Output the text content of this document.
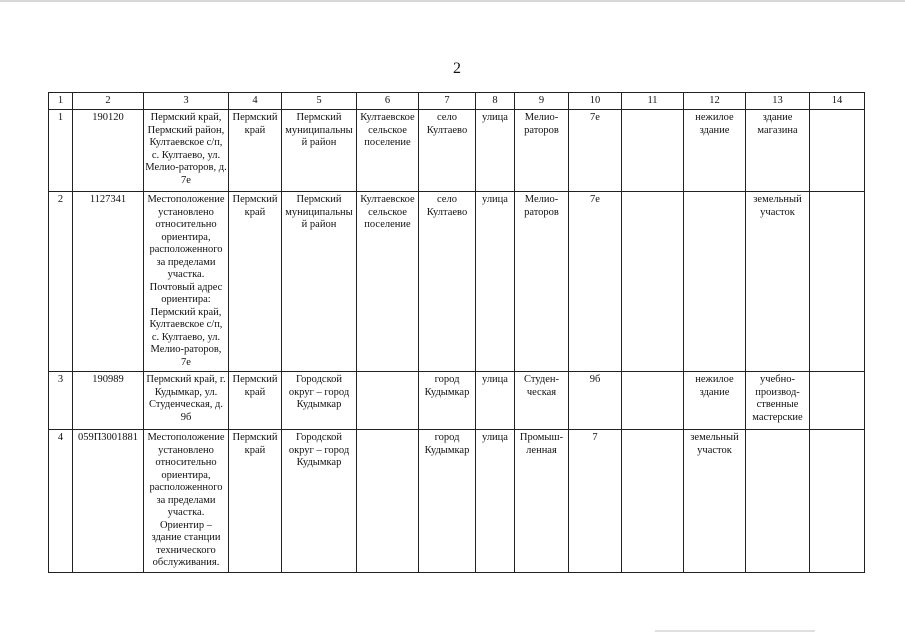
2
1	2	3	4	5	6	7	8	9	10	11	12	13	14
1	190120	Пермский край, Пермский район, Култаевское с/п, с. Култаево, ул. Мелио-раторов, д. 7е	Пермский край	Пермский муниципальный район	Култаевское сельское поселение	село Култаево	улица	Мелио-раторов	7е		нежилое здание	здание магазина	
2	1127341	Местоположение установлено относительно ориентира, расположенного за пределами участка. Почтовый адрес ориентира: Пермский край, Култаевское с/п, с. Култаево, ул. Мелио-раторов, 7е	Пермский край	Пермский муниципальный район	Култаевское сельское поселение	село Култаево	улица	Мелио-раторов	7е			земельный участок	
3	190989	Пермский край, г. Кудымкар, ул. Студенческая, д. 9б	Пермский край	Городской округ – город Кудымкар		город Кудымкар	улица	Студен-ческая	9б		нежилое здание	учебно-производ-ственные мастерские	
4	059П3001881	Местоположение установлено относительно ориентира, расположенного за пределами участка. Ориентир – здание станции технического обслуживания.	Пермский край	Городской округ – город Кудымкар		город Кудымкар	улица	Промыш-ленная	7		земельный участок		
